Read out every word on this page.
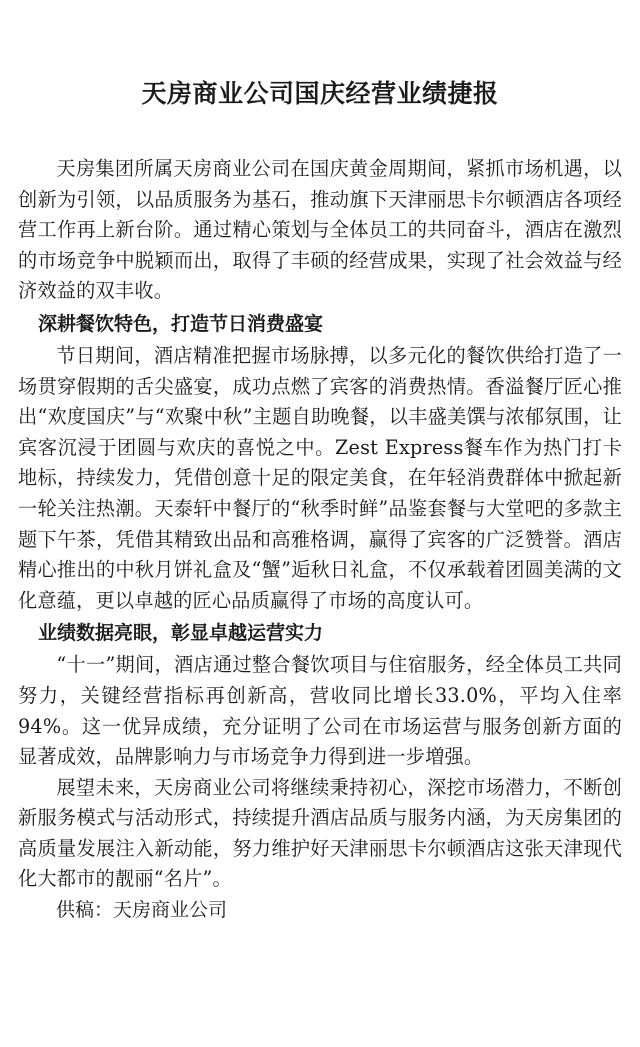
天房商业公司国庆经营业绩捷报

天房集团所属天房商业公司在国庆黄金周期间，紧抓市场机遇，以创新为引领，以品质服务为基石，推动旗下天津丽思卡尔顿酒店各项经营工作再上新台阶。通过精心策划与全体员工的共同奋斗，酒店在激烈的市场竞争中脱颖而出，取得了丰硕的经营成果，实现了社会效益与经济效益的双丰收。

深耕餐饮特色，打造节日消费盛宴

节日期间，酒店精准把握市场脉搏，以多元化的餐饮供给打造了一场贯穿假期的舌尖盛宴，成功点燃了宾客的消费热情。香溢餐厅匠心推出“欢度国庆”与“欢聚中秋”主题自助晚餐，以丰盛美馔与浓郁氛围，让宾客沉浸于团圆与欢庆的喜悦之中。Zest Express餐车作为热门打卡地标，持续发力，凭借创意十足的限定美食，在年轻消费群体中掀起新一轮关注热潮。天泰轩中餐厅的“秋季时鲜”品鉴套餐与大堂吧的多款主题下午茶，凭借其精致出品和高雅格调，赢得了宾客的广泛赞誉。酒店精心推出的中秋月饼礼盒及“蟹”逅秋日礼盒，不仅承载着团圆美满的文化意蕴，更以卓越的匠心品质赢得了市场的高度认可。

业绩数据亮眼，彰显卓越运营实力

“十一”期间，酒店通过整合餐饮项目与住宿服务，经全体员工共同努力，关键经营指标再创新高，营收同比增长33.0%，平均入住率94%。这一优异成绩，充分证明了公司在市场运营与服务创新方面的显著成效，品牌影响力与市场竞争力得到进一步増强。

展望未来，天房商业公司将继续秉持初心，深挖市场潜力，不断创新服务模式与活动形式，持续提升酒店品质与服务内涵，为天房集团的高质量发展注入新动能，努力维护好天津丽思卡尔顿酒店这张天津现代化大都市的靓丽“名片”。

供稿：天房商业公司
